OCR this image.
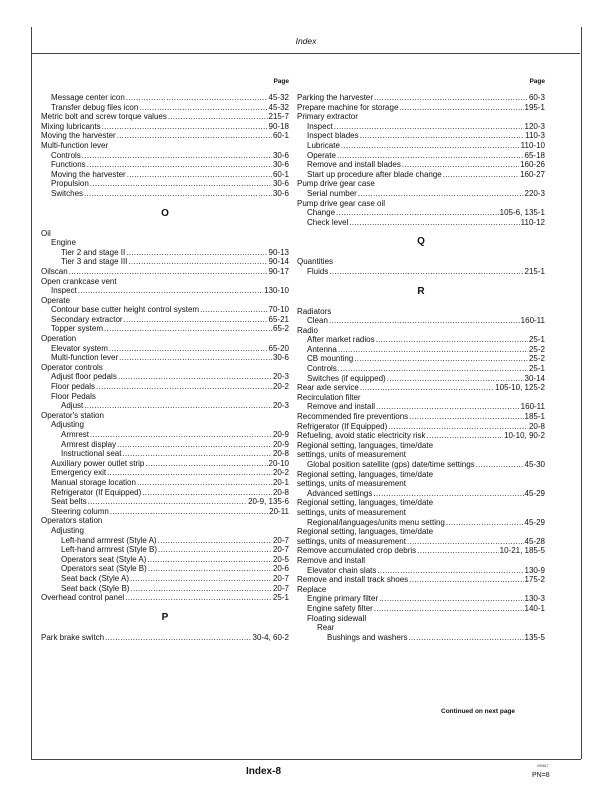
Index
Page
Message center icon .....	45-32
Transfer debug files icon .....	45-32
Metric bolt and screw torque values .....	215-7
Mixing lubricants .....	90-18
Moving the harvester .....	60-1
Multi-function lever
Controls .....	30-6
Functions .....	30-6
Moving the harvester .....	60-1
Propulsion .....	30-6
Switches .....	30-6
O
Oil
Engine
Tier 2 and stage II .....	90-13
Tier 3 and stage III .....	90-14
Oilscan .....	90-17
Open crankcase vent
Inspect .....	130-10
Operate
Contour base cutter height control system .....	70-10
Secondary extractor .....	65-21
Topper system .....	65-2
Operation
Elevator system .....	65-20
Multi-function lever .....	30-6
Operator controls
Adjust floor pedals .....	20-3
Floor pedals .....	20-2
Floor Pedals
Adjust .....	20-3
Operator's station
Adjusting
Armrest .....	20-9
Armrest display .....	20-9
Instructional seat .....	20-8
Auxiliary power outlet strip .....	20-10
Emergency exit .....	20-2
Manual storage location .....	20-1
Refrigerator (If Equipped) .....	20-8
Seat belts .....	20-9, 135-6
Steering column .....	20-11
Operators station
Adjusting
Left-hand armrest (Style A) .....	20-7
Left-hand armrest (Style B) .....	20-7
Operators seat (Style A) .....	20-5
Operators seat (Style B) .....	20-6
Seat back (Style A) .....	20-7
Seat back (Style B) .....	20-7
Overhead control panel .....	25-1
P
Park brake switch .....	30-4, 60-2
Page
Parking the harvester .....	60-3
Prepare machine for storage .....	195-1
Primary extractor
Inspect .....	120-3
Inspect blades .....	110-3
Lubricate .....	110-10
Operate .....	65-18
Remove and install blades .....	160-26
Start up procedure after blade change .....	160-27
Pump drive gear case
Serial number .....	220-3
Pump drive gear case oil
Change .....	105-6, 135-1
Check level .....	110-12
Q
Quantities
Fluids .....	215-1
R
Radiators
Clean .....	160-11
Radio
After market radios .....	25-1
Antenna .....	25-2
CB mounting .....	25-2
Controls .....	25-1
Switches (if equipped) .....	30-14
Rear axle service .....	105-10, 125-2
Recirculation filter
Remove and install .....	160-11
Recommended fire preventions .....	185-1
Refrigerator (If Equipped) .....	20-8
Refueling, avoid static electricity risk .....	10-10, 90-2
Regional setting, languages, time/date
settings, units of measurement
Global position satellite (gps) date/time settings .....	45-30
Regional setting, languages, time/date
settings, units of measurement
Advanced settings .....	45-29
Regional setting, languages, time/date
settings, units of measurement
Regional/languages/units menu setting .....	45-29
Regional setting, languages, time/date
settings, units of measurement .....	45-28
Remove accumulated crop debris .....	10-21, 185-5
Remove and install
Elevator chain slats .....	130-9
Remove and install track shoes .....	175-2
Replace
Engine primary filter .....	130-3
Engine safety filter .....	140-1
Floating sidewall
Rear
Bushings and washers .....	135-5
Continued on next page
Index-8	090817
PN=8
